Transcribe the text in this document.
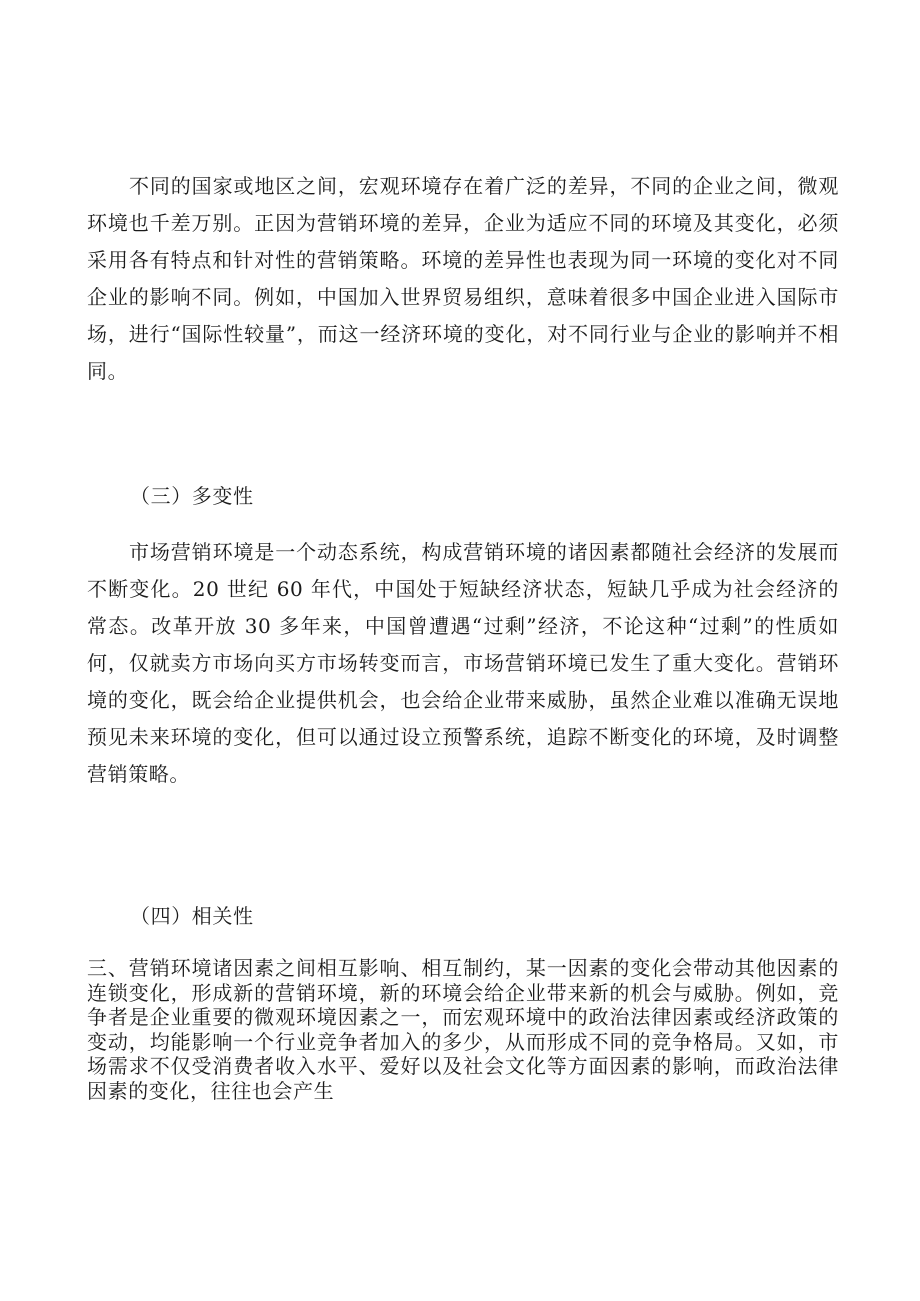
不同的国家或地区之间，宏观环境存在着广泛的差异，不同的企业之间，微观环境也千差万别。正因为营销环境的差异，企业为适应不同的环境及其变化，必须采用各有特点和针对性的营销策略。环境的差异性也表现为同一环境的变化对不同企业的影响不同。例如，中国加入世界贸易组织，意味着很多中国企业进入国际市场，进行“国际性较量”，而这一经济环境的变化，对不同行业与企业的影响并不相同。

（三）多变性

市场营销环境是一个动态系统，构成营销环境的诸因素都随社会经济的发展而不断变化。20 世纪 60 年代，中国处于短缺经济状态，短缺几乎成为社会经济的常态。改革开放 30 多年来，中国曾遭遇“过剩”经济，不论这种“过剩”的性质如何，仅就卖方市场向买方市场转变而言，市场营销环境已发生了重大变化。营销环境的变化，既会给企业提供机会，也会给企业带来威胁，虽然企业难以准确无误地预见未来环境的变化，但可以通过设立预警系统，追踪不断变化的环境，及时调整营销策略。

（四）相关性

三、营销环境诸因素之间相互影响、相互制约，某一因素的变化会带动其他因素的连锁变化，形成新的营销环境，新的环境会给企业带来新的机会与威胁。例如，竞争者是企业重要的微观环境因素之一，而宏观环境中的政治法律因素或经济政策的变动，均能影响一个行业竞争者加入的多少，从而形成不同的竞争格局。又如，市场需求不仅受消费者收入水平、爱好以及社会文化等方面因素的影响，而政治法律因素的变化，往往也会产生
